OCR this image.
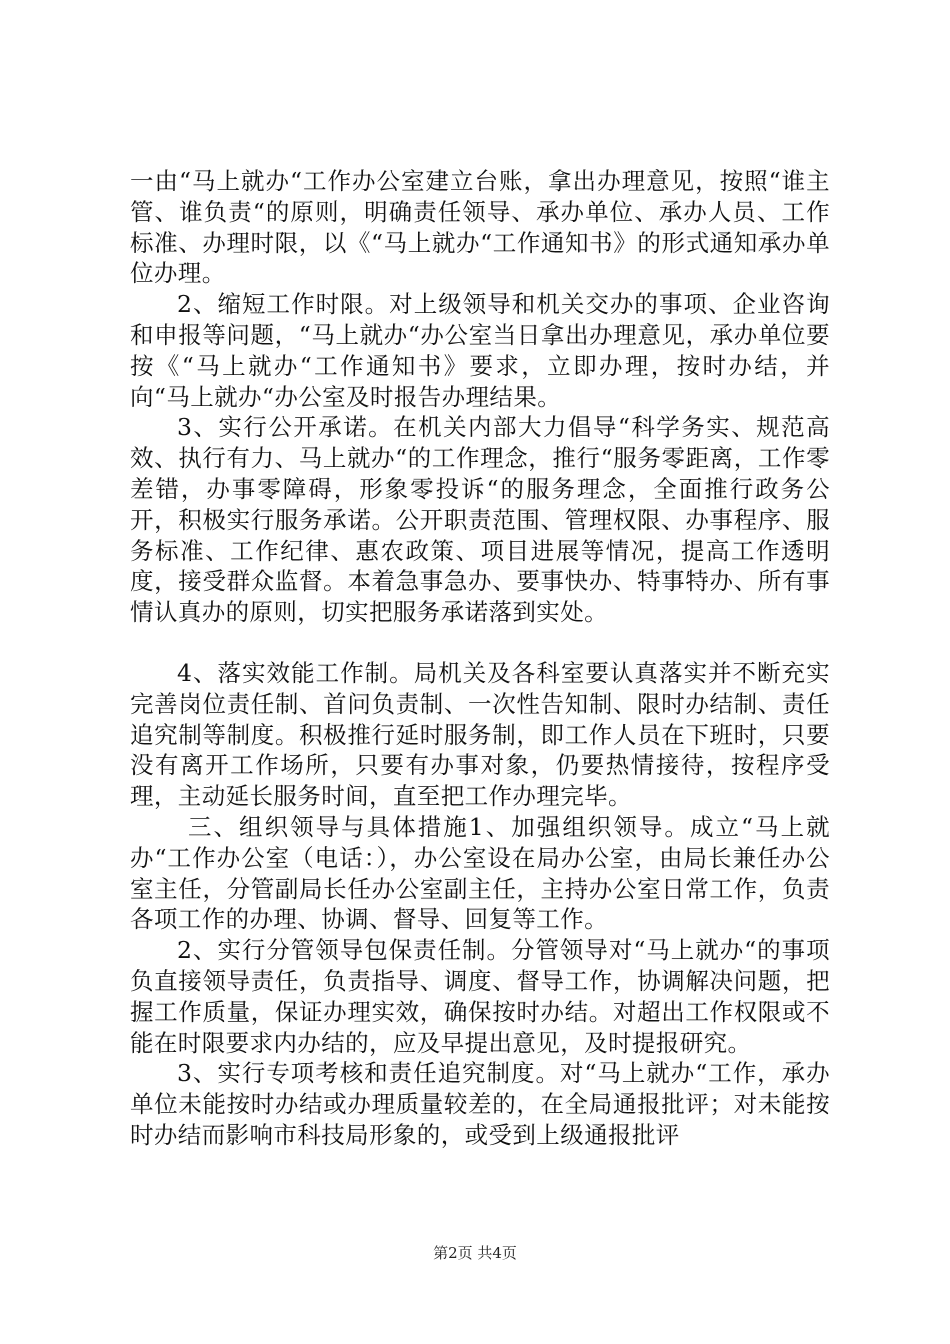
一由“马上就办“工作办公室建立台账，拿出办理意见，按照“谁主管、谁负责“的原则，明确责任领导、承办单位、承办人员、工作标准、办理时限，以《“马上就办“工作通知书》的形式通知承办单位办理。

2、缩短工作时限。对上级领导和机关交办的事项、企业咨询和申报等问题，“马上就办“办公室当日拿出办理意见，承办单位要按《“马上就办“工作通知书》要求，立即办理，按时办结，并向“马上就办“办公室及时报告办理结果。

3、实行公开承诺。在机关内部大力倡导“科学务实、规范高效、执行有力、马上就办“的工作理念，推行“服务零距离，工作零差错，办事零障碍，形象零投诉“的服务理念，全面推行政务公开，积极实行服务承诺。公开职责范围、管理权限、办事程序、服务标准、工作纪律、惠农政策、项目进展等情况，提高工作透明度，接受群众监督。本着急事急办、要事快办、特事特办、所有事情认真办的原则，切实把服务承诺落到实处。

4、落实效能工作制。局机关及各科室要认真落实并不断充实完善岗位责任制、首问负责制、一次性告知制、限时办结制、责任追究制等制度。积极推行延时服务制，即工作人员在下班时，只要没有离开工作场所，只要有办事对象，仍要热情接待，按程序受理，主动延长服务时间，直至把工作办理完毕。

三、组织领导与具体措施1、加强组织领导。成立“马上就办“工作办公室（电话：），办公室设在局办公室，由局长兼任办公室主任，分管副局长任办公室副主任，主持办公室日常工作，负责各项工作的办理、协调、督导、回复等工作。

2、实行分管领导包保责任制。分管领导对“马上就办“的事项负直接领导责任，负责指导、调度、督导工作，协调解决问题，把握工作质量，保证办理实效，确保按时办结。对超出工作权限或不能在时限要求内办结的，应及早提出意见，及时提报研究。

3、实行专项考核和责任追究制度。对“马上就办“工作，承办单位未能按时办结或办理质量较差的，在全局通报批评；对未能按时办结而影响市科技局形象的，或受到上级通报批评

第2页 共4页
